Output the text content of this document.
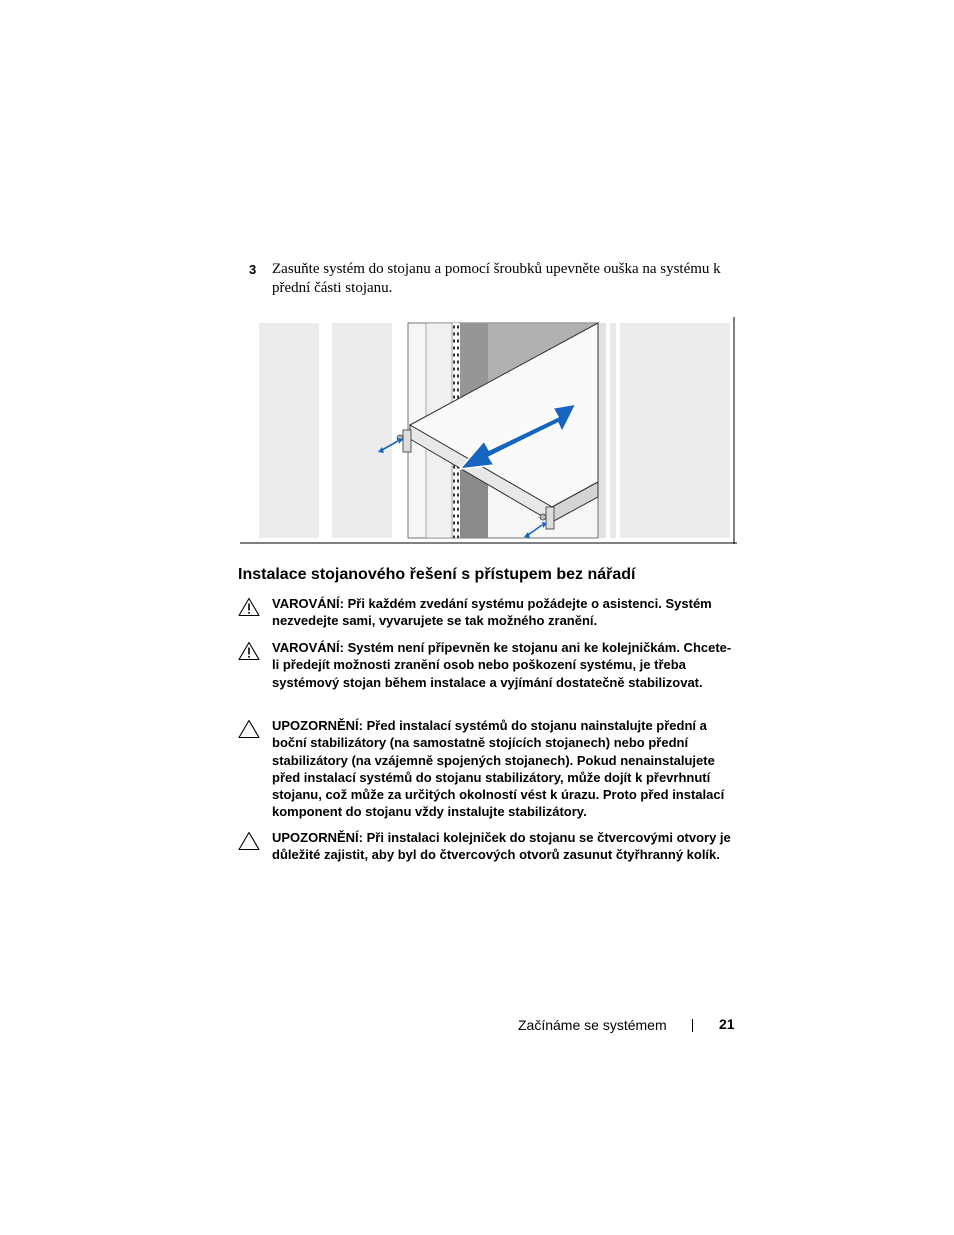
3 Zasuňte systém do stojanu a pomocí šroubků upevněte ouška na systému k přední části stojanu.
Instalace stojanového řešení s přístupem bez nářadí
VAROVÁNÍ: Při každém zvedání systému požádejte o asistenci. Systém nezvedejte sami, vyvarujete se tak možného zranění.
VAROVÁNÍ: Systém není připevněn ke stojanu ani ke kolejničkám. Chcete-li předejít možnosti zranění osob nebo poškození systému, je třeba systémový stojan během instalace a vyjímání dostatečně stabilizovat.
UPOZORNĚNÍ: Před instalací systémů do stojanu nainstalujte přední a boční stabilizátory (na samostatně stojících stojanech) nebo přední stabilizátory (na vzájemně spojených stojanech). Pokud nenainstalujete před instalací systémů do stojanu stabilizátory, může dojít k převrhnutí stojanu, což může za určitých okolností vést k úrazu. Proto před instalací komponent do stojanu vždy instalujte stabilizátory.
UPOZORNĚNÍ: Při instalaci kolejniček do stojanu se čtvercovými otvory je důležité zajistit, aby byl do čtvercových otvorů zasunut čtyřhranný kolík.
Začínáme se systémem	21
